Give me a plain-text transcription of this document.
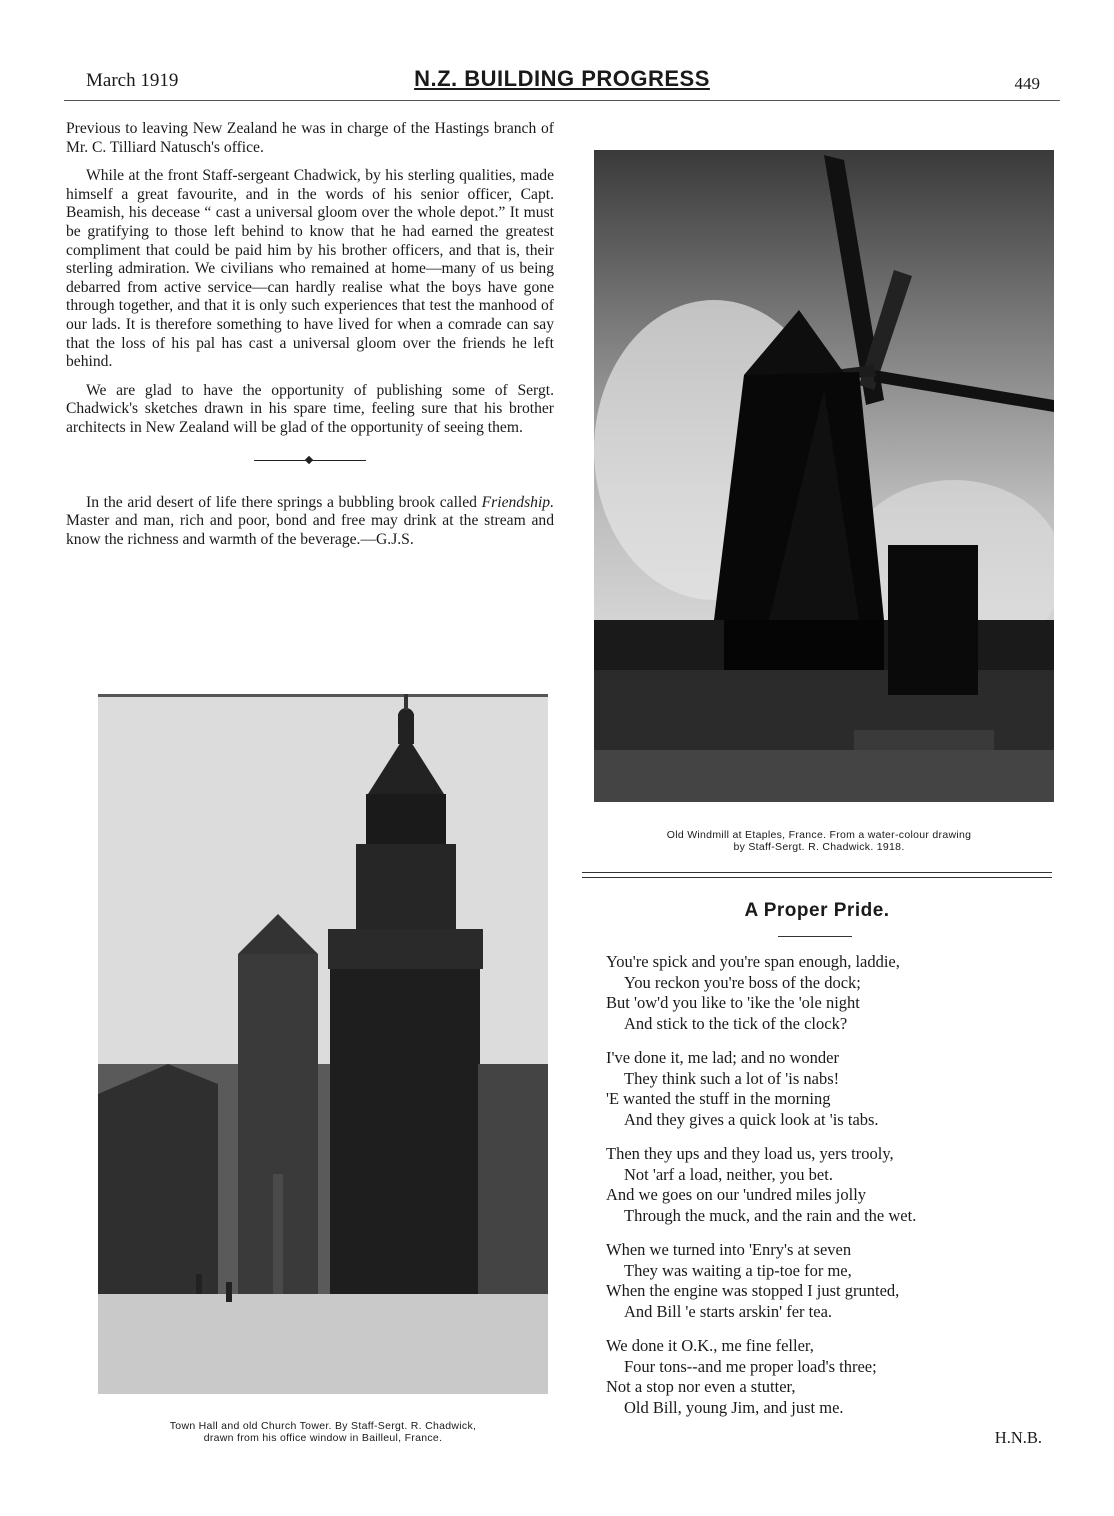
March 1919	N.Z. BUILDING PROGRESS	449

Previous to leaving New Zealand he was in charge of the Hastings branch of Mr. C. Tilliard Natusch's office.

While at the front Staff-sergeant Chadwick, by his sterling qualities, made himself a great favourite, and in the words of his senior officer, Capt. Beamish, his decease “ cast a universal gloom over the whole depot.” It must be gratifying to those left behind to know that he had earned the greatest compliment that could be paid him by his brother officers, and that is, their sterling admiration. We civilians who remained at home—many of us being debarred from active service—can hardly realise what the boys have gone through together, and that it is only such experiences that test the manhood of our lads. It is therefore something to have lived for when a comrade can say that the loss of his pal has cast a universal gloom over the friends he left behind.

We are glad to have the opportunity of publishing some of Sergt. Chadwick's sketches drawn in his spare time, feeling sure that his brother architects in New Zealand will be glad of the opportunity of seeing them.

In the arid desert of life there springs a bubbling brook called Friendship. Master and man, rich and poor, bond and free may drink at the stream and know the richness and warmth of the beverage.—G.J.S.

Old Windmill at Etaples, France. From a water-colour drawing
by Staff-Sergt. R. Chadwick. 1918.
Town Hall and old Church Tower. By Staff-Sergt. R. Chadwick,
drawn from his office window in Bailleul, France.
A Proper Pride.
You're spick and you're span enough, laddie,
You reckon you're boss of the dock;
But 'ow'd you like to 'ike the 'ole night
And stick to the tick of the clock?
I've done it, me lad; and no wonder
They think such a lot of 'is nabs!
'E wanted the stuff in the morning
And they gives a quick look at 'is tabs.
Then they ups and they load us, yers trooly,
Not 'arf a load, neither, you bet.
And we goes on our 'undred miles jolly
Through the muck, and the rain and the wet.
When we turned into 'Enry's at seven
They was waiting a tip-toe for me,
When the engine was stopped I just grunted,
And Bill 'e starts arskin' fer tea.
We done it O.K., me fine feller,
Four tons--and me proper load's three;
Not a stop nor even a stutter,
Old Bill, young Jim, and just me.
H.N.B.
